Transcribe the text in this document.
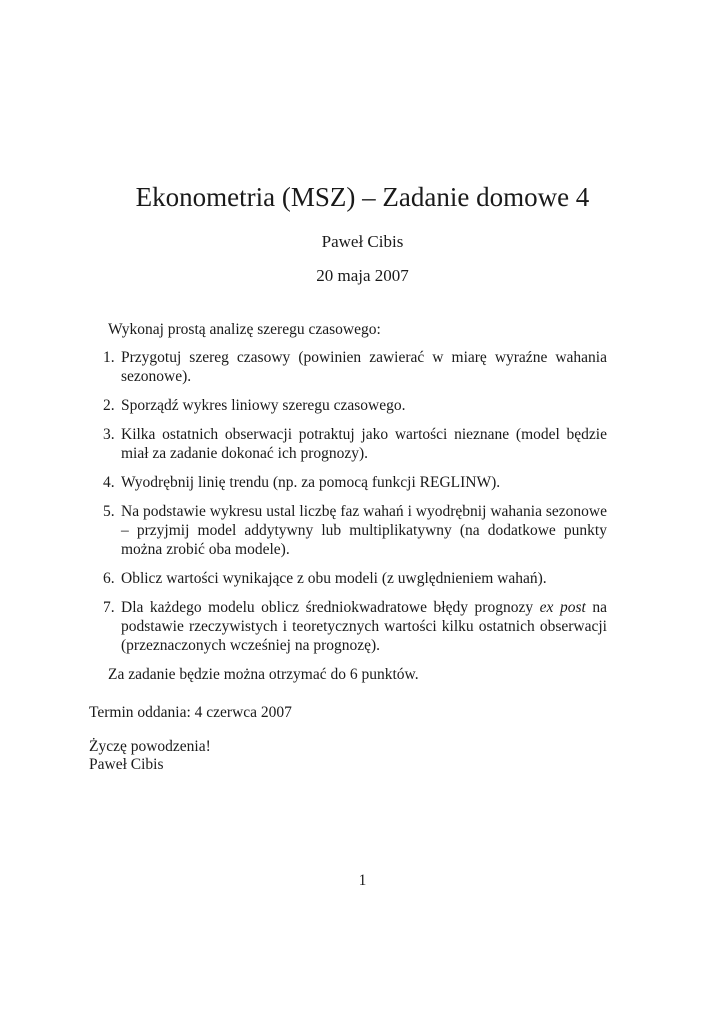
Ekonometria (MSZ) – Zadanie domowe 4
Paweł Cibis
20 maja 2007
Wykonaj prostą analizę szeregu czasowego:
1. Przygotuj szereg czasowy (powinien zawierać w miarę wyraźne wahania sezonowe).
2. Sporządź wykres liniowy szeregu czasowego.
3. Kilka ostatnich obserwacji potraktuj jako wartości nieznane (model będzie miał za zadanie dokonać ich prognozy).
4. Wyodrębnij linię trendu (np. za pomocą funkcji REGLINW).
5. Na podstawie wykresu ustal liczbę faz wahań i wyodrębnij wahania sezonowe – przyjmij model addytywny lub multiplikatywny (na dodatkowe punkty można zrobić oba modele).
6. Oblicz wartości wynikające z obu modeli (z uwględnieniem wahań).
7. Dla każdego modelu oblicz średniokwadratowe błędy prognozy ex post na podstawie rzeczywistych i teoretycznych wartości kilku ostatnich obserwacji (przeznaczonych wcześniej na prognozę).
Za zadanie będzie można otrzymać do 6 punktów.
Termin oddania: 4 czerwca 2007
Życzę powodzenia!
Paweł Cibis
1
